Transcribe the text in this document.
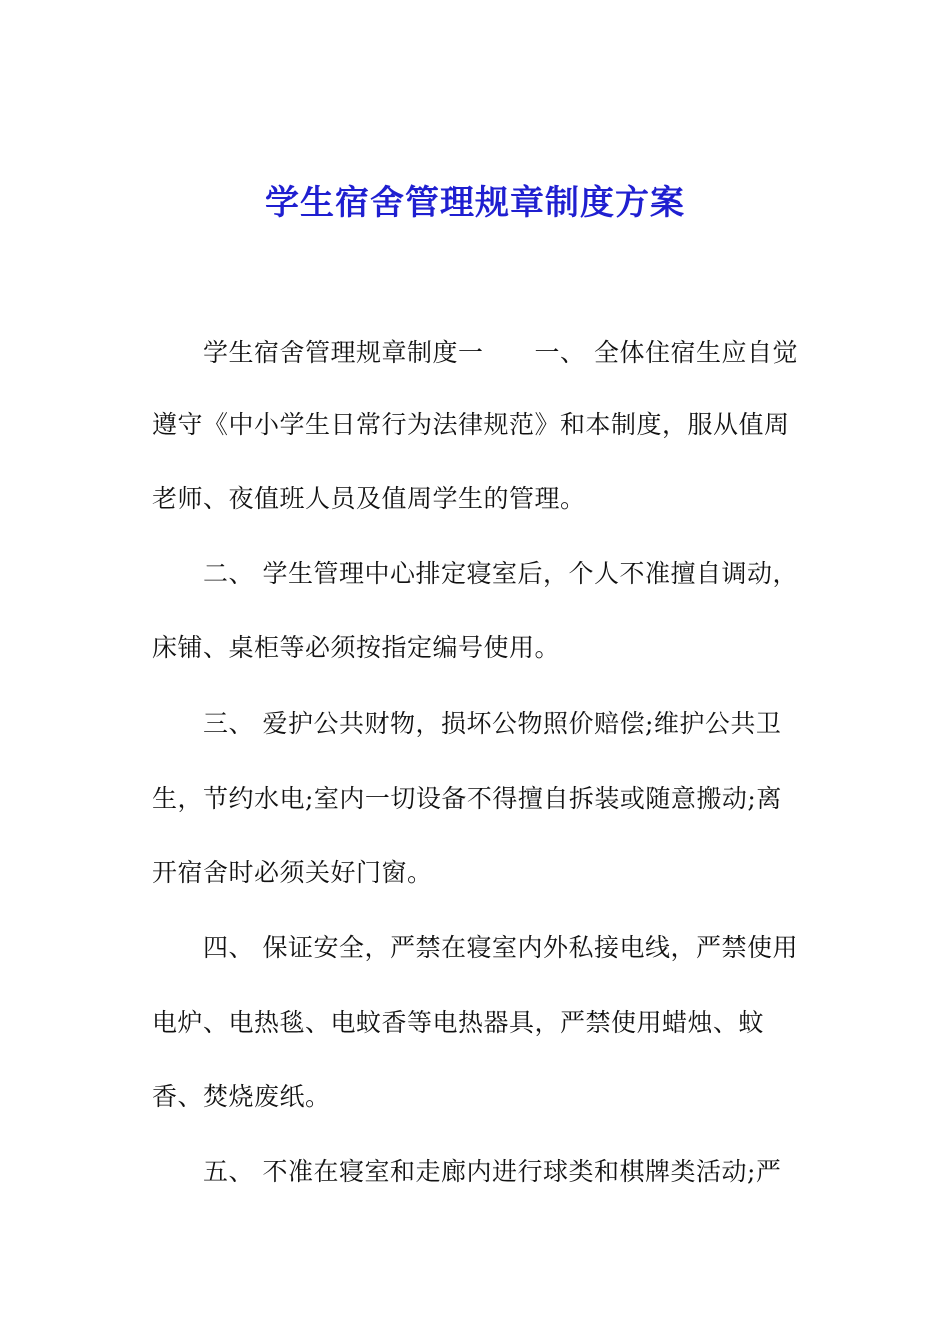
学生宿舍管理规章制度方案
学生宿舍管理规章制度一　　一、 全体住宿生应自觉
遵守《中小学生日常行为法律规范》和本制度，服从值周
老师、夜值班人员及值周学生的管理。
二、 学生管理中心排定寝室后，个人不准擅自调动，
床铺、桌柜等必须按指定编号使用。
三、 爱护公共财物，损坏公物照价赔偿;维护公共卫
生，节约水电;室内一切设备不得擅自拆装或随意搬动;离
开宿舍时必须关好门窗。
四、 保证安全，严禁在寝室内外私接电线，严禁使用
电炉、电热毯、电蚊香等电热器具，严禁使用蜡烛、蚊
香、焚烧废纸。
五、 不准在寝室和走廊内进行球类和棋牌类活动;严
